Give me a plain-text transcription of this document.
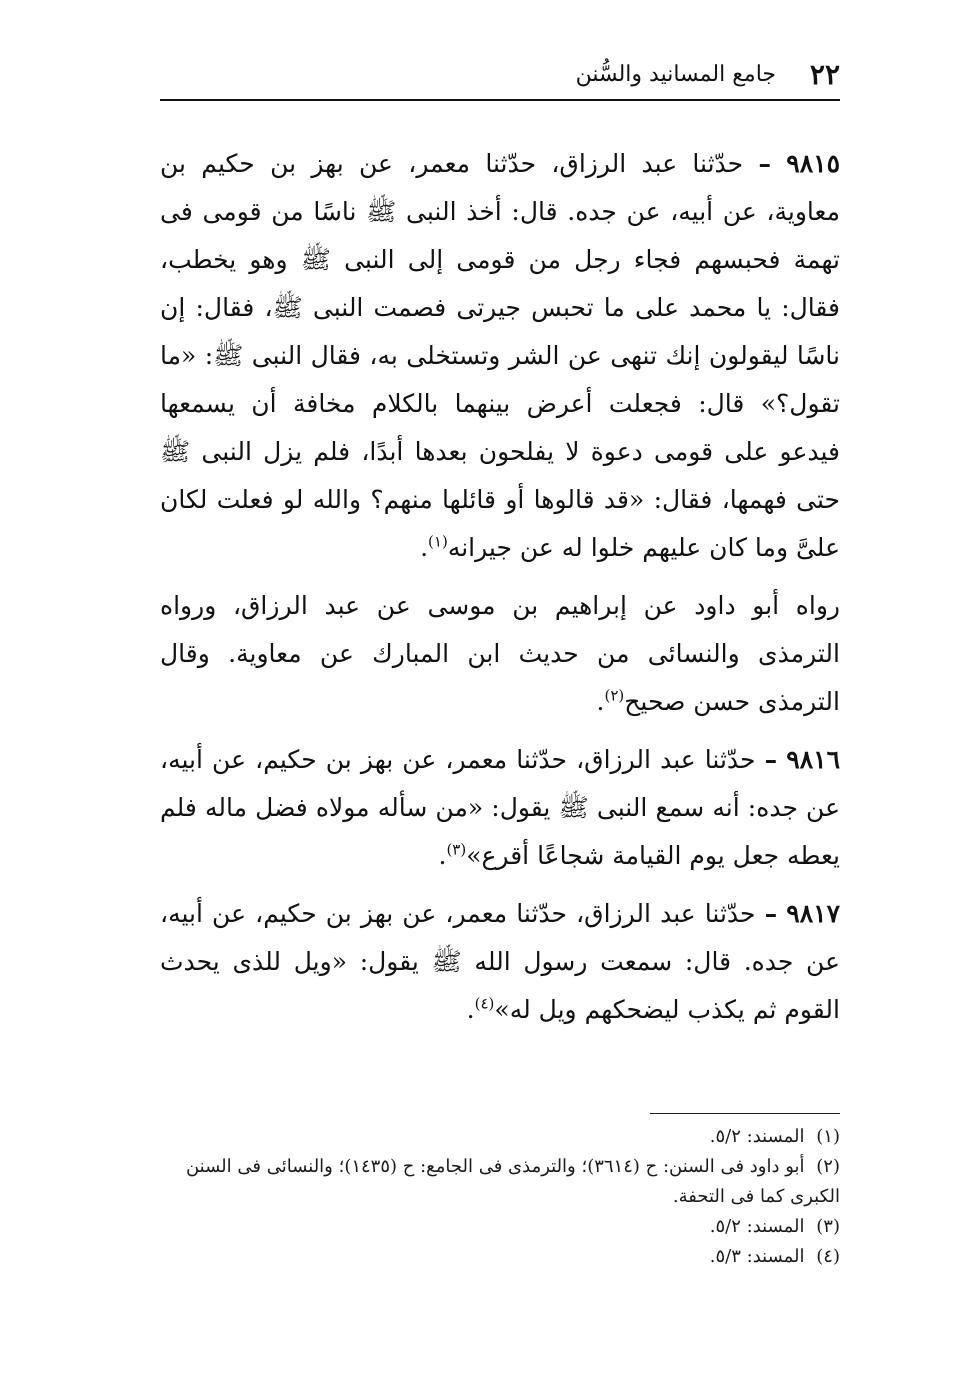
٢٢
جامع المسانيد والسُّنن

٩٨١٥ – حدّثنا عبد الرزاق، حدّثنا معمر، عن بهز بن حكيم بن معاوية، عن أبيه، عن جده. قال: أخذ النبى ﷺ ناسًا من قومى فى تهمة فحبسهم فجاء رجل من قومى إلى النبى ﷺ وهو يخطب، فقال: يا محمد على ما تحبس جيرتى فصمت النبى ﷺ، فقال: إن ناسًا ليقولون إنك تنهى عن الشر وتستخلى به، فقال النبى ﷺ: «ما تقول؟» قال: فجعلت أعرض بينهما بالكلام مخافة أن يسمعها فيدعو على قومى دعوة لا يفلحون بعدها أبدًا، فلم يزل النبى ﷺ حتى فهمها، فقال: «قد قالوها أو قائلها منهم؟ والله لو فعلت لكان علىَّ وما كان عليهم خلوا له عن جيرانه$^{(١)}$.

رواه أبو داود عن إبراهيم بن موسى عن عبد الرزاق، ورواه الترمذى والنسائى من حديث ابن المبارك عن معاوية. وقال الترمذى حسن صحيح$^{(٢)}$.

٩٨١٦ – حدّثنا عبد الرزاق، حدّثنا معمر، عن بهز بن حكيم، عن أبيه، عن جده: أنه سمع النبى ﷺ يقول: «من سأله مولاه فضل ماله فلم يعطه جعل يوم القيامة شجاعًا أقرع»$^{(٣)}$.

٩٨١٧ – حدّثنا عبد الرزاق، حدّثنا معمر، عن بهز بن حكيم، عن أبيه، عن جده. قال: سمعت رسول الله ﷺ يقول: «ويل للذى يحدث القوم ثم يكذب ليضحكهم ويل له»$^{(٤)}$.

(١) المسند: ٥/٢.

(٢) أبو داود فى السنن: ح (٣٦١٤)؛ والترمذى فى الجامع: ح (١٤٣٥)؛ والنسائى فى السنن الكبرى كما فى التحفة.

(٣) المسند: ٥/٢.

(٤) المسند: ٥/٣.
